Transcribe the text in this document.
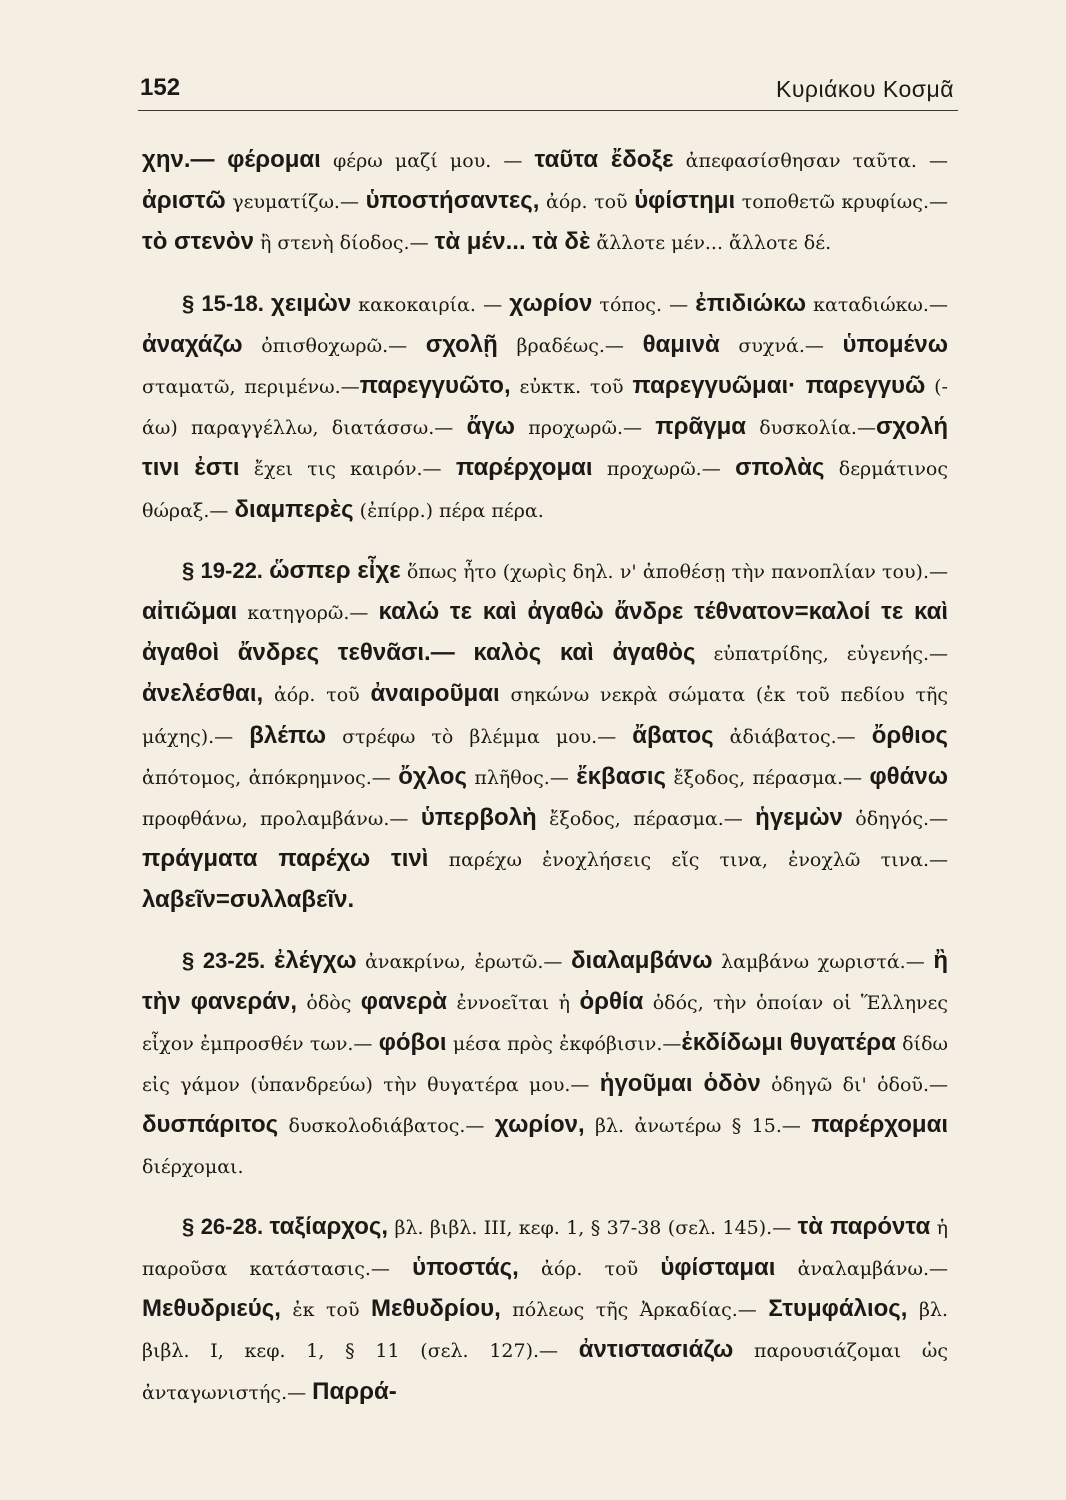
152	Κυριάκου Κοσμᾶ

χην.— φέρομαι φέρω μαζί μου. — ταῦτα ἔδοξε ἀπεφασίσθησαν ταῦτα. — ἀριστῶ γευματίζω.— ὑποστήσαντες, ἀόρ. τοῦ ὑφίστημι τοποθετῶ κρυφίως.— τὸ στενὸν ἢ στενὴ δίοδος.— τὰ μέν... τὰ δὲ ἄλλοτε μέν... ἄλλοτε δέ.

§ 15-18. χειμὼν κακοκαιρία. — χωρίον τόπος. — ἐπιδιώκω καταδιώκω.— ἀναχάζω ὀπισθοχωρῶ.— σχολῇ βραδέως.— θαμινὰ συχνά.— ὑπομένω σταματῶ, περιμένω.—παρεγγυῶτο, εὐκτκ. τοῦ παρεγγυῶμαι· παρεγγυῶ (-άω) παραγγέλλω, διατάσσω.— ἄγω προχωρῶ.— πρᾶγμα δυσκολία.—σχολή τινι ἐστι ἔχει τις καιρόν.— παρέρχομαι προχωρῶ.— σπολὰς δερμάτινος θώραξ.— διαμπερὲς (ἐπίρρ.) πέρα πέρα.

§ 19-22. ὥσπερ εἶχε ὅπως ἦτο (χωρὶς δηλ. ν' ἀποθέσῃ τὴν πανοπλίαν του).— αἰτιῶμαι κατηγορῶ.— καλώ τε καὶ ἀγαθὼ ἄνδρε τέθνατον=καλοί τε καὶ ἀγαθοὶ ἄνδρες τεθνᾶσι.— καλὸς καὶ ἀγαθὸς εὐπατρίδης, εὐγενής.— ἀνελέσθαι, ἀόρ. τοῦ ἀναιροῦμαι σηκώνω νεκρὰ σώματα (ἐκ τοῦ πεδίου τῆς μάχης).— βλέπω στρέφω τὸ βλέμμα μου.— ἄβατος ἀδιάβατος.— ὄρθιος ἀπότομος, ἀπόκρημνος.— ὄχλος πλῆθος.— ἔκβασις ἔξοδος, πέρασμα.— φθάνω προφθάνω, προλαμβάνω.— ὑπερβολὴ ἔξοδος, πέρασμα.— ἡγεμὼν ὁδηγός.— πράγματα παρέχω τινὶ παρέχω ἐνοχλήσεις εἴς τινα, ἐνοχλῶ τινα.— λαβεῖν=συλλαβεῖν.

§ 23-25. ἐλέγχω ἀνακρίνω, ἐρωτῶ.— διαλαμβάνω λαμβάνω χωριστά.— ἢ τὴν φανεράν, ὁδὸς φανερὰ ἐννοεῖται ἡ ὀρθία ὁδός, τὴν ὁποίαν οἱ Ἕλληνες εἶχον ἐμπροσθέν των.— φόβοι μέσα πρὸς ἐκφόβισιν.—ἐκδίδωμι θυγατέρα δίδω εἰς γάμον (ὑπανδρεύω) τὴν θυγατέρα μου.— ἡγοῦμαι ὁδὸν ὁδηγῶ δι' ὁδοῦ.— δυσπάριτος δυσκολοδιάβατος.— χωρίον, βλ. ἀνωτέρω § 15.— παρέρχομαι διέρχομαι.

§ 26-28. ταξίαρχος, βλ. βιβλ. III, κεφ. 1, § 37-38 (σελ. 145).— τὰ παρόντα ἡ παροῦσα κατάστασις.— ὑποστάς, ἀόρ. τοῦ ὑφίσταμαι ἀναλαμβάνω.— Μεθυδριεύς, ἐκ τοῦ Μεθυδρίου, πόλεως τῆς Ἀρκαδίας.— Στυμφάλιος, βλ. βιβλ. I, κεφ. 1, § 11 (σελ. 127).— ἀντιστασιάζω παρουσιάζομαι ὡς ἀνταγωνιστής.— Παρρά-
